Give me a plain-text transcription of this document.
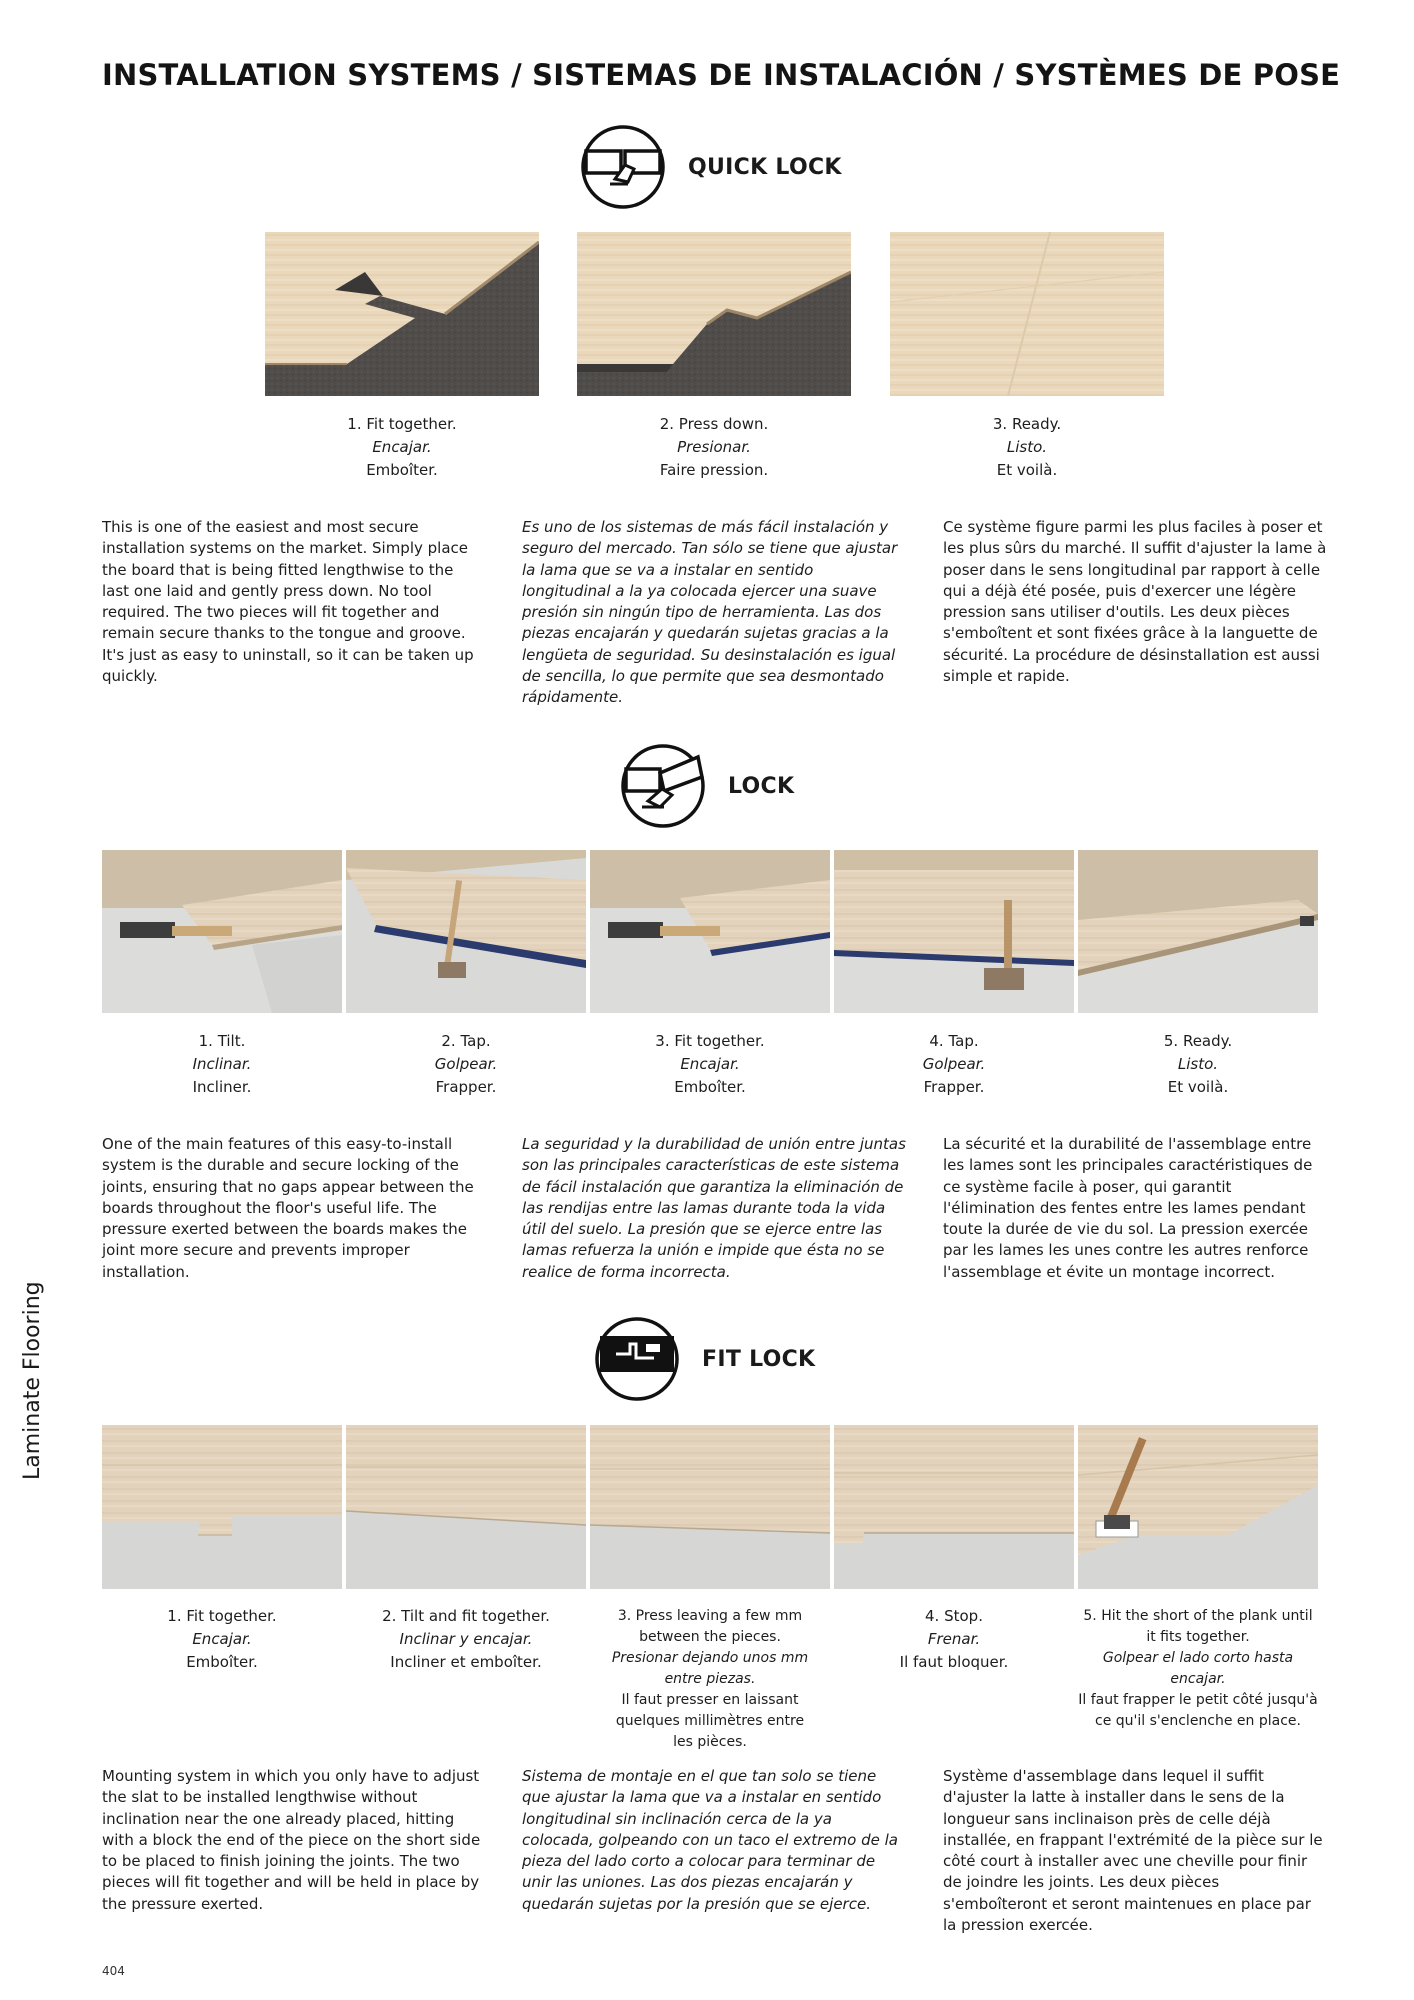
INSTALLATION SYSTEMS / SISTEMAS DE INSTALACIÓN / SYSTÈMES DE POSE
QUICK LOCK
1. Fit together.
Encajar.
Emboîter.
2. Press down.
Presionar.
Faire pression.
3. Ready.
Listo.
Et voilà.
This is one of the easiest and most secure installation systems on the market. Simply place the board that is being fitted lengthwise to the last one laid and gently press down. No tool required. The two pieces will fit together and remain secure thanks to the tongue and groove. It's just as easy to uninstall, so it can be taken up quickly.
Es uno de los sistemas de más fácil instalación y seguro del mercado. Tan sólo se tiene que ajustar la lama que se va a instalar en sentido longitudinal a la ya colocada ejercer una suave presión sin ningún tipo de herramienta. Las dos piezas encajarán y quedarán sujetas gracias a la lengüeta de seguridad. Su desinstalación es igual de sencilla, lo que permite que sea desmontado rápidamente.
Ce système figure parmi les plus faciles à poser et les plus sûrs du marché. Il suffit d'ajuster la lame à poser dans le sens longitudinal par rapport à celle qui a déjà été posée, puis d'exercer une légère pression sans utiliser d'outils. Les deux pièces s'emboîtent et sont fixées grâce à la languette de sécurité. La procédure de désinstallation est aussi simple et rapide.
LOCK
1. Tilt.
Inclinar.
Incliner.
2. Tap.
Golpear.
Frapper.
3. Fit together.
Encajar.
Emboîter.
4. Tap.
Golpear.
Frapper.
5. Ready.
Listo.
Et voilà.
One of the main features of this easy-to-install system is the durable and secure locking of the joints, ensuring that no gaps appear between the boards throughout the floor's useful life. The pressure exerted between the boards makes the joint more secure and prevents improper installation.
La seguridad y la durabilidad de unión entre juntas son las principales características de este sistema de fácil instalación que garantiza la eliminación de las rendijas entre las lamas durante toda la vida útil del suelo. La presión que se ejerce entre las lamas refuerza la unión e impide que ésta no se realice de forma incorrecta.
La sécurité et la durabilité de l'assemblage entre les lames sont les principales caractéristiques de ce système facile à poser, qui garantit l'élimination des fentes entre les lames pendant toute la durée de vie du sol. La pression exercée par les lames les unes contre les autres renforce l'assemblage et évite un montage incorrect.
FIT LOCK
1. Fit together.
Encajar.
Emboîter.
2. Tilt and fit together.
Inclinar y encajar.
Incliner et emboîter.
3. Press leaving a few mm between the pieces.
Presionar dejando unos mm entre piezas.
Il faut presser en laissant quelques millimètres entre les pièces.
4. Stop.
Frenar.
Il faut bloquer.
5. Hit the short of the plank until it fits together.
Golpear el lado corto hasta encajar.
Il faut frapper le petit côté jusqu'à ce qu'il s'enclenche en place.
Mounting system in which you only have to adjust the slat to be installed lengthwise without inclination near the one already placed, hitting with a block the end of the piece on the short side to be placed to finish joining the joints. The two pieces will fit together and will be held in place by the pressure exerted.
Sistema de montaje en el que tan solo se tiene que ajustar la lama que va a instalar en sentido longitudinal sin inclinación cerca de la ya colocada, golpeando con un taco el extremo de la pieza del lado corto a colocar para terminar de unir las uniones. Las dos piezas encajarán y quedarán sujetas por la presión que se ejerce.
Système d'assemblage dans lequel il suffit d'ajuster la latte à installer dans le sens de la longueur sans inclinaison près de celle déjà installée, en frappant l'extrémité de la pièce sur le côté court à installer avec une cheville pour finir de joindre les joints. Les deux pièces s'emboîteront et seront maintenues en place par la pression exercée.
Laminate Flooring
404
